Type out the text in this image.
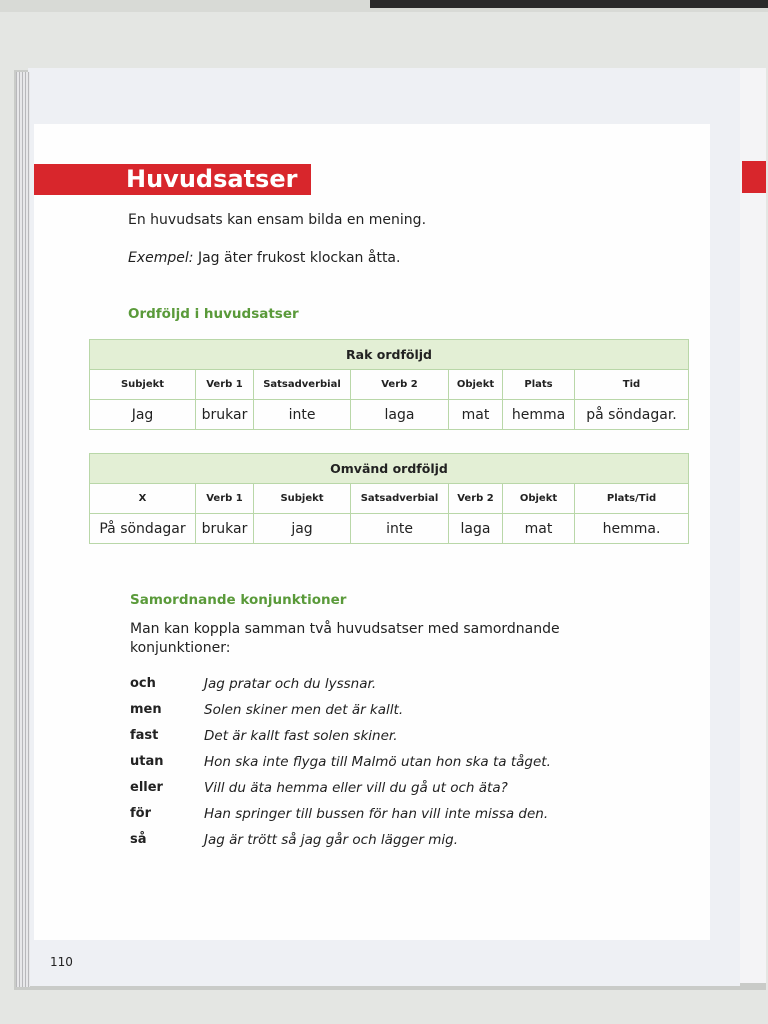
Huvudsatser
En huvudsats kan ensam bilda en mening.
Exempel: Jag äter frukost klockan åtta.
Ordföljd i huvudsatser
Rak ordföljd						
Subjekt	Verb 1	Satsadverbial	Verb 2	Objekt	Plats	Tid
Jag	brukar	inte	laga	mat	hemma	på söndagar.
Omvänd ordföljd						
X	Verb 1	Subjekt	Satsadverbial	Verb 2	Objekt	Plats/Tid
På söndagar	brukar	jag	inte	laga	mat	hemma.
Samordnande konjunktioner
Man kan koppla samman två huvudsatser med samordnande
konjunktioner:
och	Jag pratar och du lyssnar.
men	Solen skiner men det är kallt.
fast	Det är kallt fast solen skiner.
utan	Hon ska inte flyga till Malmö utan hon ska ta tåget.
eller	Vill du äta hemma eller vill du gå ut och äta?
för	Han springer till bussen för han vill inte missa den.
så	Jag är trött så jag går och lägger mig.
110
